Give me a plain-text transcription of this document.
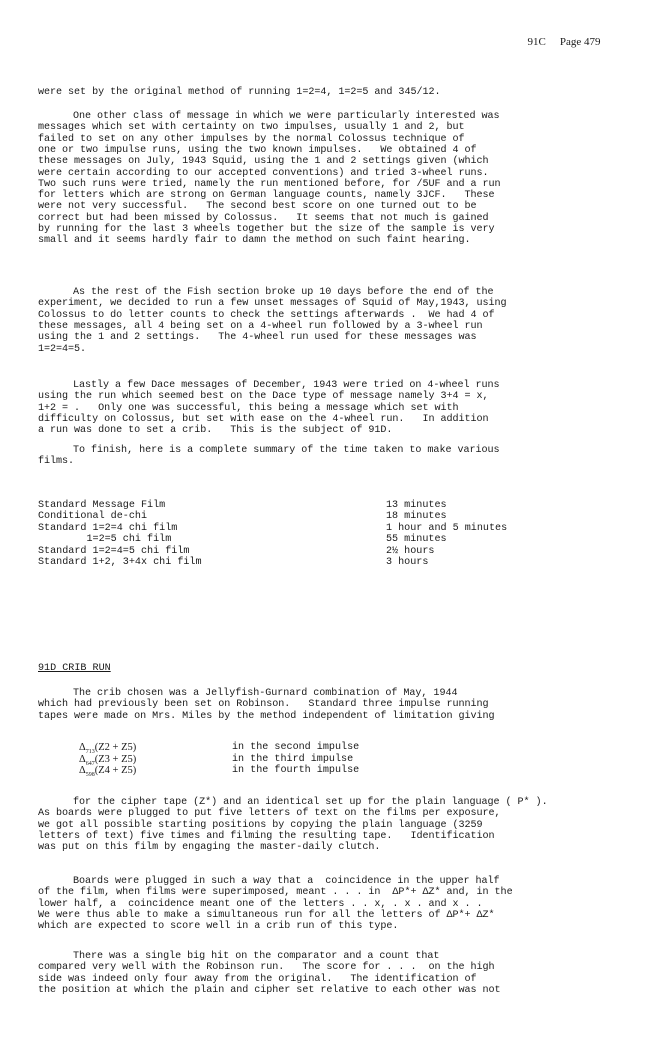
91C Page 479

were set by the original method of running 1=2=4, 1=2=5 and 345/12.
One other class of message in which we were particularly interested was
messages which set with certainty on two impulses, usually 1 and 2, but
failed to set on any other impulses by the normal Colossus technique of
one or two impulse runs, using the two known impulses.   We obtained 4 of
these messages on July, 1943 Squid, using the 1 and 2 settings given (which
were certain according to our accepted conventions) and tried 3-wheel runs.
Two such runs were tried, namely the run mentioned before, for /5UF and a run
for letters which are strong on German language counts, namely 3JCF.   These
were not very successful.   The second best score on one turned out to be
correct but had been missed by Colossus.   It seems that not much is gained
by running for the last 3 wheels together but the size of the sample is very
small and it seems hardly fair to damn the method on such faint hearing.
As the rest of the Fish section broke up 10 days before the end of the
experiment, we decided to run a few unset messages of Squid of May,1943, using
Colossus to do letter counts to check the settings afterwards .  We had 4 of
these messages, all 4 being set on a 4-wheel run followed by a 3-wheel run
using the 1 and 2 settings.   The 4-wheel run used for these messages was
1=2=4=5.
Lastly a few Dace messages of December, 1943 were tried on 4-wheel runs
using the run which seemed best on the Dace type of message namely 3+4 = x,
1+2 = .   Only one was successful, this being a message which set with
difficulty on Colossus, but set with ease on the 4-wheel run.   In addition
a run was done to set a crib.   This is the subject of 91D.
To finish, here is a complete summary of the time taken to make various
films.
The crib chosen was a Jellyfish-Gurnard combination of May, 1944
which had previously been set on Robinson.   Standard three impulse running
tapes were made on Mrs. Miles by the method independent of limitation giving
for the cipher tape (Z*) and an identical set up for the plain language ( P* ).
As boards were plugged to put five letters of text on the films per exposure,
we got all possible starting positions by copying the plain language (3259
letters of text) five times and filming the resulting tape.   Identification
was put on this film by engaging the master-daily clutch.
Boards were plugged in such a way that a  coincidence in the upper half
of the film, when films were superimposed, meant . . . in  ΔP*+ ΔZ* and, in the
lower half, a  coincidence meant one of the letters . . x, . x . and x . .
We were thus able to make a simultaneous run for all the letters of ΔP*+ ΔZ*
which are expected to score well in a crib run of this type.
There was a single big hit on the comparator and a count that
compared very well with the Robinson run.   The score for . . .  on the high
side was indeed only four away from the original.   The identification of
the position at which the plain and cipher set relative to each other was not
Standard Message Film	13 minutes
Conditional de-chi	18 minutes
Standard 1=2=4 chi film	1 hour and 5 minutes
1=2=5 chi film	55 minutes
Standard 1=2=4=5 chi film	2½ hours
Standard 1+2, 3+4x chi film	3 hours
91D CRIB RUN
$\Delta_{713}(Z2 + Z5)$	in the second impulse
$\Delta_{647}(Z3 + Z5)$	in the third impulse
$\Delta_{598}(Z4 + Z5)$	in the fourth impulse
